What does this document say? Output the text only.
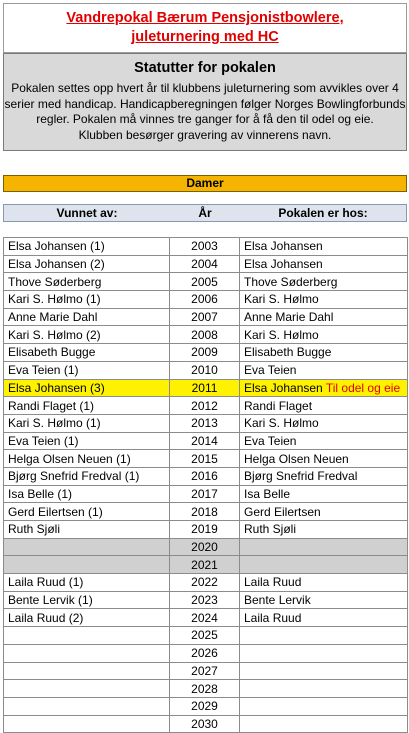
Vandrepokal Bærum Pensjonistbowlere,
juleturnering med HC
Statutter for pokalen
Pokalen settes opp hvert år til klubbens juleturnering som avvikles over 4
serier med handicap. Handicapberegningen følger Norges Bowlingforbunds
regler. Pokalen må vinnes tre ganger for å få den til odel og eie.
Klubben besørger gravering av vinnerens navn.
Damer
Vunnet av:	År	Pokalen er hos:
Elsa Johansen (1)	2003	Elsa Johansen
Elsa Johansen (2)	2004	Elsa Johansen
Thove Søderberg	2005	Thove Søderberg
Kari S. Hølmo (1)	2006	Kari S. Hølmo
Anne Marie Dahl	2007	Anne Marie Dahl
Kari S. Hølmo (2)	2008	Kari S. Hølmo
Elisabeth Bugge	2009	Elisabeth Bugge
Eva Teien (1)	2010	Eva Teien
Elsa Johansen (3)	2011	Elsa Johansen Til odel og eie
Randi Flaget (1)	2012	Randi Flaget
Kari S. Hølmo (1)	2013	Kari S. Hølmo
Eva Teien (1)	2014	Eva Teien
Helga Olsen Neuen (1)	2015	Helga Olsen Neuen
Bjørg Snefrid Fredval (1)	2016	Bjørg Snefrid Fredval
Isa Belle (1)	2017	Isa Belle
Gerd Eilertsen (1)	2018	Gerd Eilertsen
Ruth Sjøli	2019	Ruth Sjøli
	2020	
	2021	
Laila Ruud (1)	2022	Laila Ruud
Bente Lervik (1)	2023	Bente Lervik
Laila Ruud (2)	2024	Laila Ruud
	2025	
	2026	
	2027	
	2028	
	2029	
	2030	
